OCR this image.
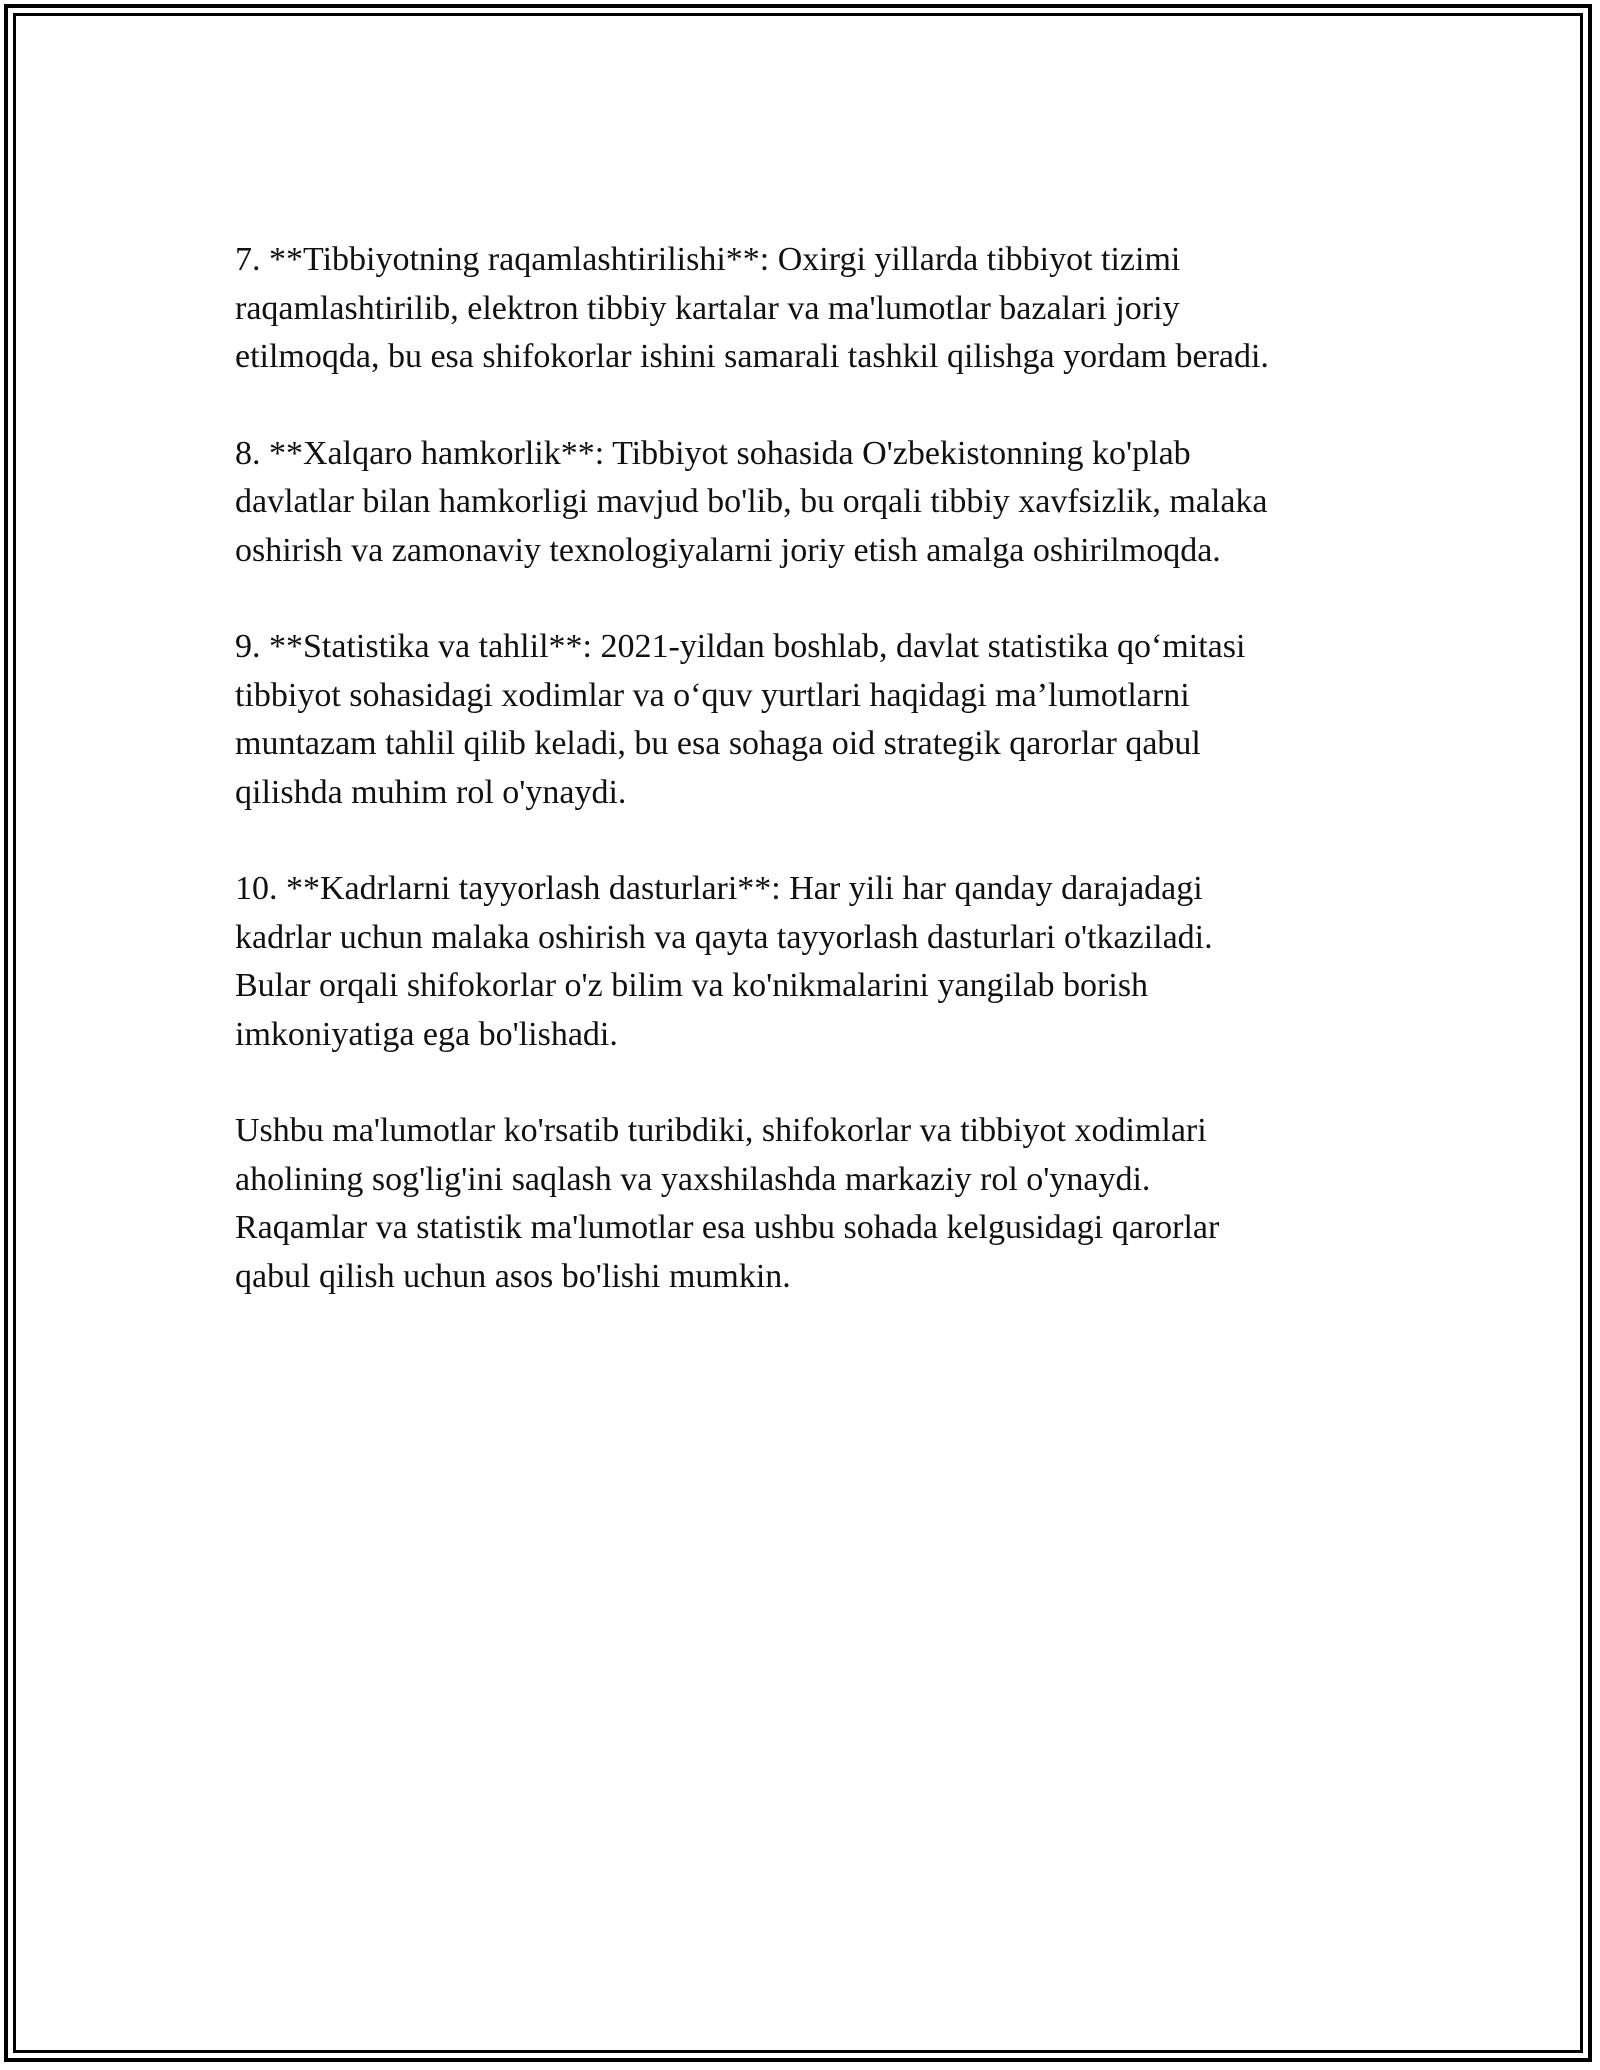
7. **Tibbiyotning raqamlashtirilishi**: Oxirgi yillarda tibbiyot tizimi
raqamlashtirilib, elektron tibbiy kartalar va ma'lumotlar bazalari joriy
etilmoqda, bu esa shifokorlar ishini samarali tashkil qilishga yordam beradi.

8. **Xalqaro hamkorlik**: Tibbiyot sohasida O'zbekistonning ko'plab
davlatlar bilan hamkorligi mavjud bo'lib, bu orqali tibbiy xavfsizlik, malaka
oshirish va zamonaviy texnologiyalarni joriy etish amalga oshirilmoqda.

9. **Statistika va tahlil**: 2021-yildan boshlab, davlat statistika qo‘mitasi
tibbiyot sohasidagi xodimlar va o‘quv yurtlari haqidagi ma’lumotlarni
muntazam tahlil qilib keladi, bu esa sohaga oid strategik qarorlar qabul
qilishda muhim rol o'ynaydi.

10. **Kadrlarni tayyorlash dasturlari**: Har yili har qanday darajadagi
kadrlar uchun malaka oshirish va qayta tayyorlash dasturlari o'tkaziladi.
Bular orqali shifokorlar o'z bilim va ko'nikmalarini yangilab borish
imkoniyatiga ega bo'lishadi.

Ushbu ma'lumotlar ko'rsatib turibdiki, shifokorlar va tibbiyot xodimlari
aholining sog'lig'ini saqlash va yaxshilashda markaziy rol o'ynaydi.
Raqamlar va statistik ma'lumotlar esa ushbu sohada kelgusidagi qarorlar
qabul qilish uchun asos bo'lishi mumkin.
